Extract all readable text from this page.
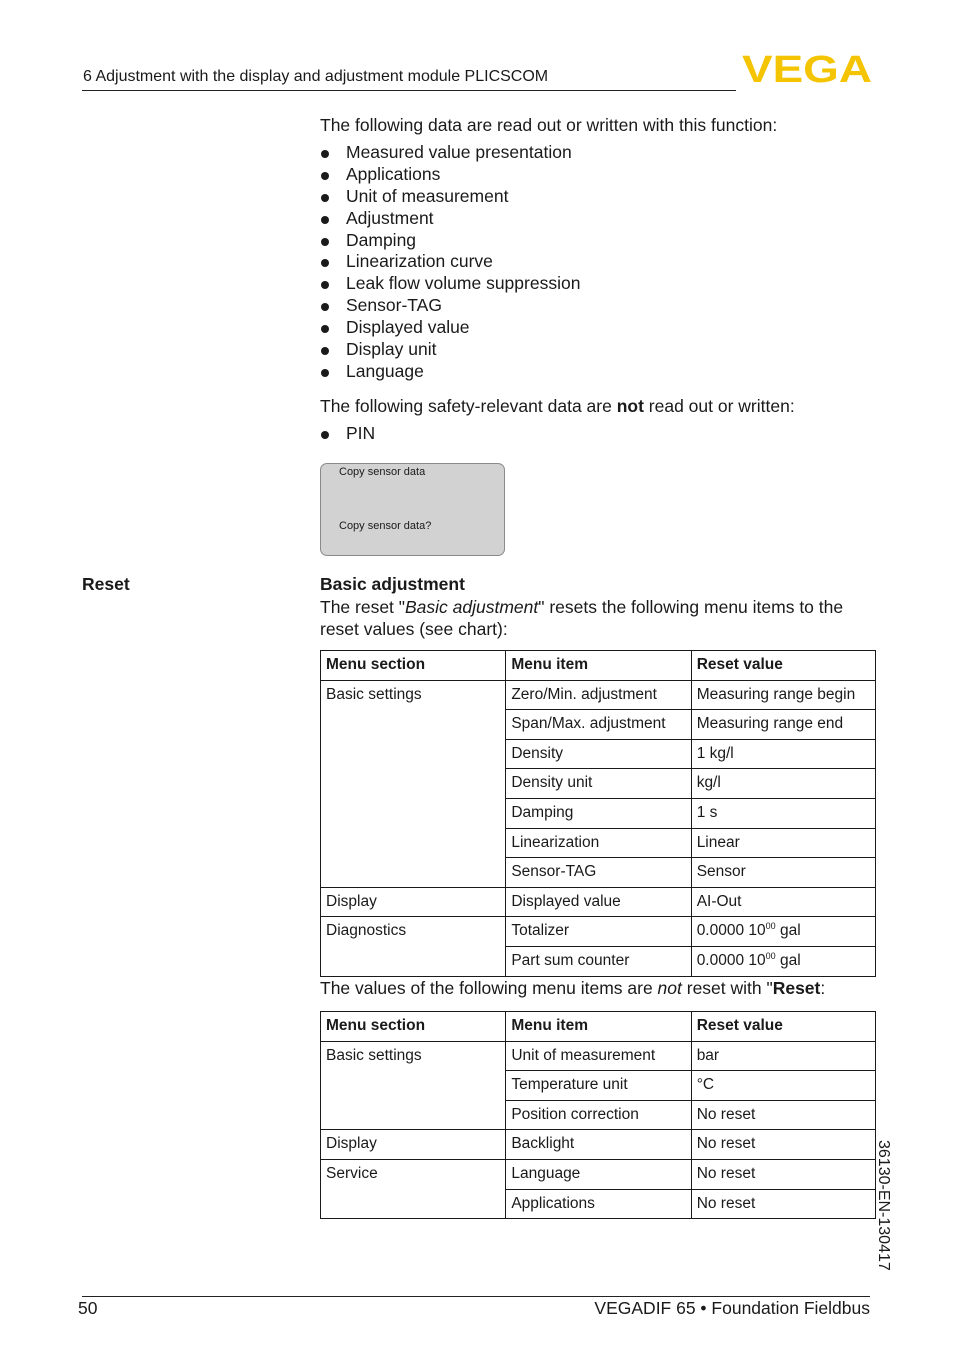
6 Adjustment with the display and adjustment module PLICSCOM	VEGA
The following data are read out or written with this function:
Measured value presentation
Applications
Unit of measurement
Adjustment
Damping
Linearization curve
Leak flow volume suppression
Sensor-TAG
Displayed value
Display unit
Language
The following safety-relevant data are not read out or written:
PIN
Copy sensor data
Copy sensor data?
Reset	Basic adjustment
The reset "Basic adjustment" resets the following menu items to the reset values (see chart):
Menu section	Menu item	Reset value
Basic settings	Zero/Min. adjustment	Measuring range begin
	Span/Max. adjustment	Measuring range end
	Density	1 kg/l
	Density unit	kg/l
	Damping	1 s
	Linearization	Linear
	Sensor-TAG	Sensor
Display	Displayed value	AI-Out
Diagnostics	Totalizer	0.0000 $10^{00}$ gal
	Part sum counter	0.0000 $10^{00}$ gal
The values of the following menu items are not reset with "Reset:
Menu section	Menu item	Reset value
Basic settings	Unit of measurement	bar
	Temperature unit	°C
	Position correction	No reset
Display	Backlight	No reset
Service	Language	No reset
	Applications	No reset	36130-EN-130417
50	VEGADIF 65 • Foundation Fieldbus
